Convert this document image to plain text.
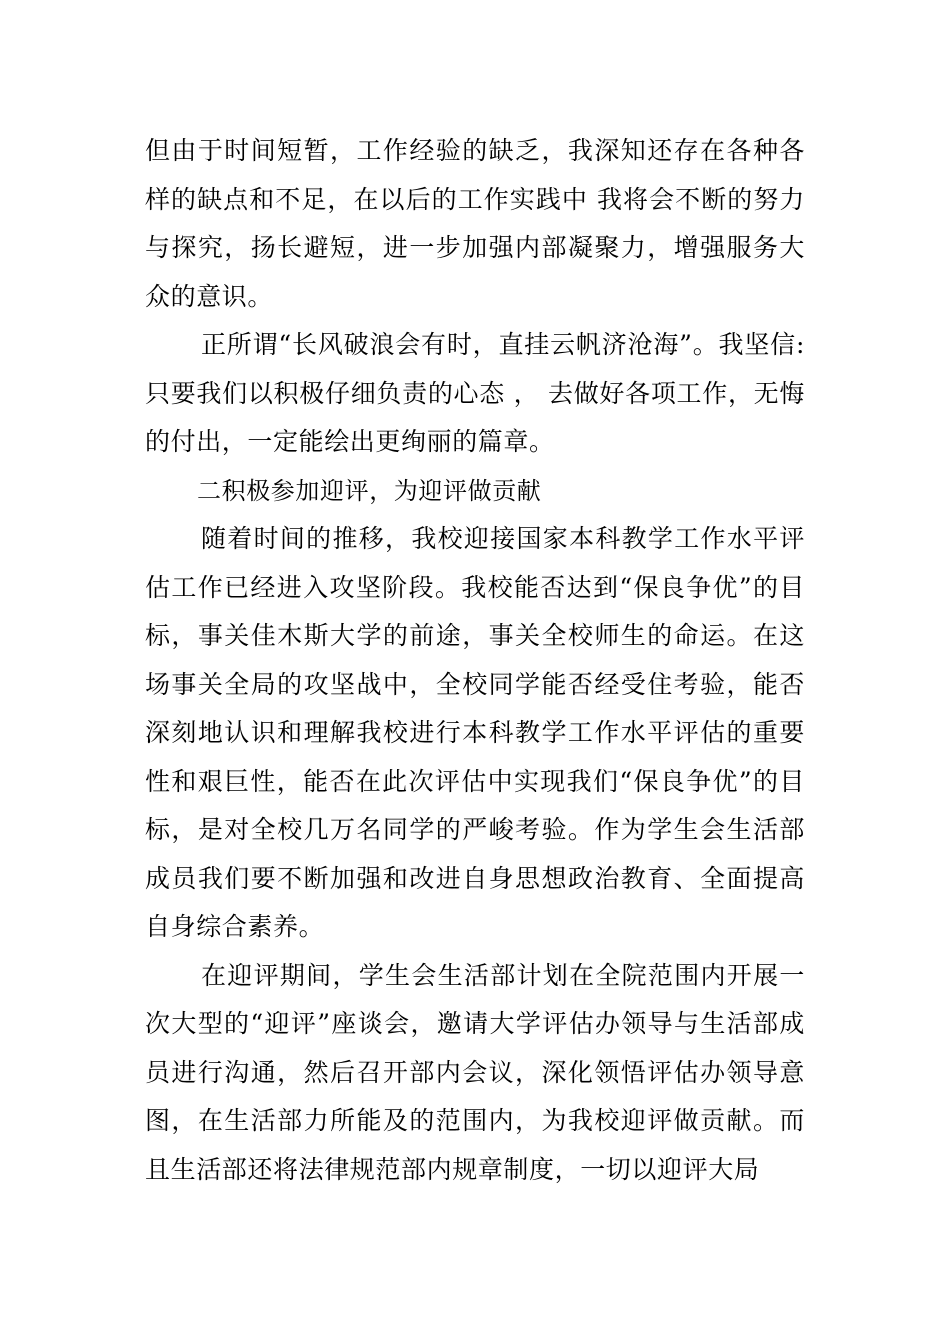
但由于时间短暂，工作经验的缺乏，我深知还存在各种各样的缺点和不足，在以后的工作实践中 我将会不断的努力与探究，扬长避短，进一步加强内部凝聚力，增强服务大众的意识。

正所谓“长风破浪会有时，直挂云帆济沧海”。我坚信:只要我们以积极仔细负责的心态 ， 去做好各项工作，无悔的付出，一定能绘出更绚丽的篇章。

二积极参加迎评，为迎评做贡献

随着时间的推移，我校迎接国家本科教学工作水平评估工作已经进入攻坚阶段。我校能否达到“保良争优”的目标，事关佳木斯大学的前途，事关全校师生的命运。在这场事关全局的攻坚战中，全校同学能否经受住考验，能否深刻地认识和理解我校进行本科教学工作水平评估的重要性和艰巨性，能否在此次评估中实现我们“保良争优”的目标，是对全校几万名同学的严峻考验。作为学生会生活部成员我们要不断加强和改进自身思想政治教育、全面提高自身综合素养。

在迎评期间，学生会生活部计划在全院范围内开展一次大型的“迎评”座谈会，邀请大学评估办领导与生活部成员进行沟通，然后召开部内会议，深化领悟评估办领导意图，在生活部力所能及的范围内，为我校迎评做贡献。而且生活部还将法律规范部内规章制度，一切以迎评大局
